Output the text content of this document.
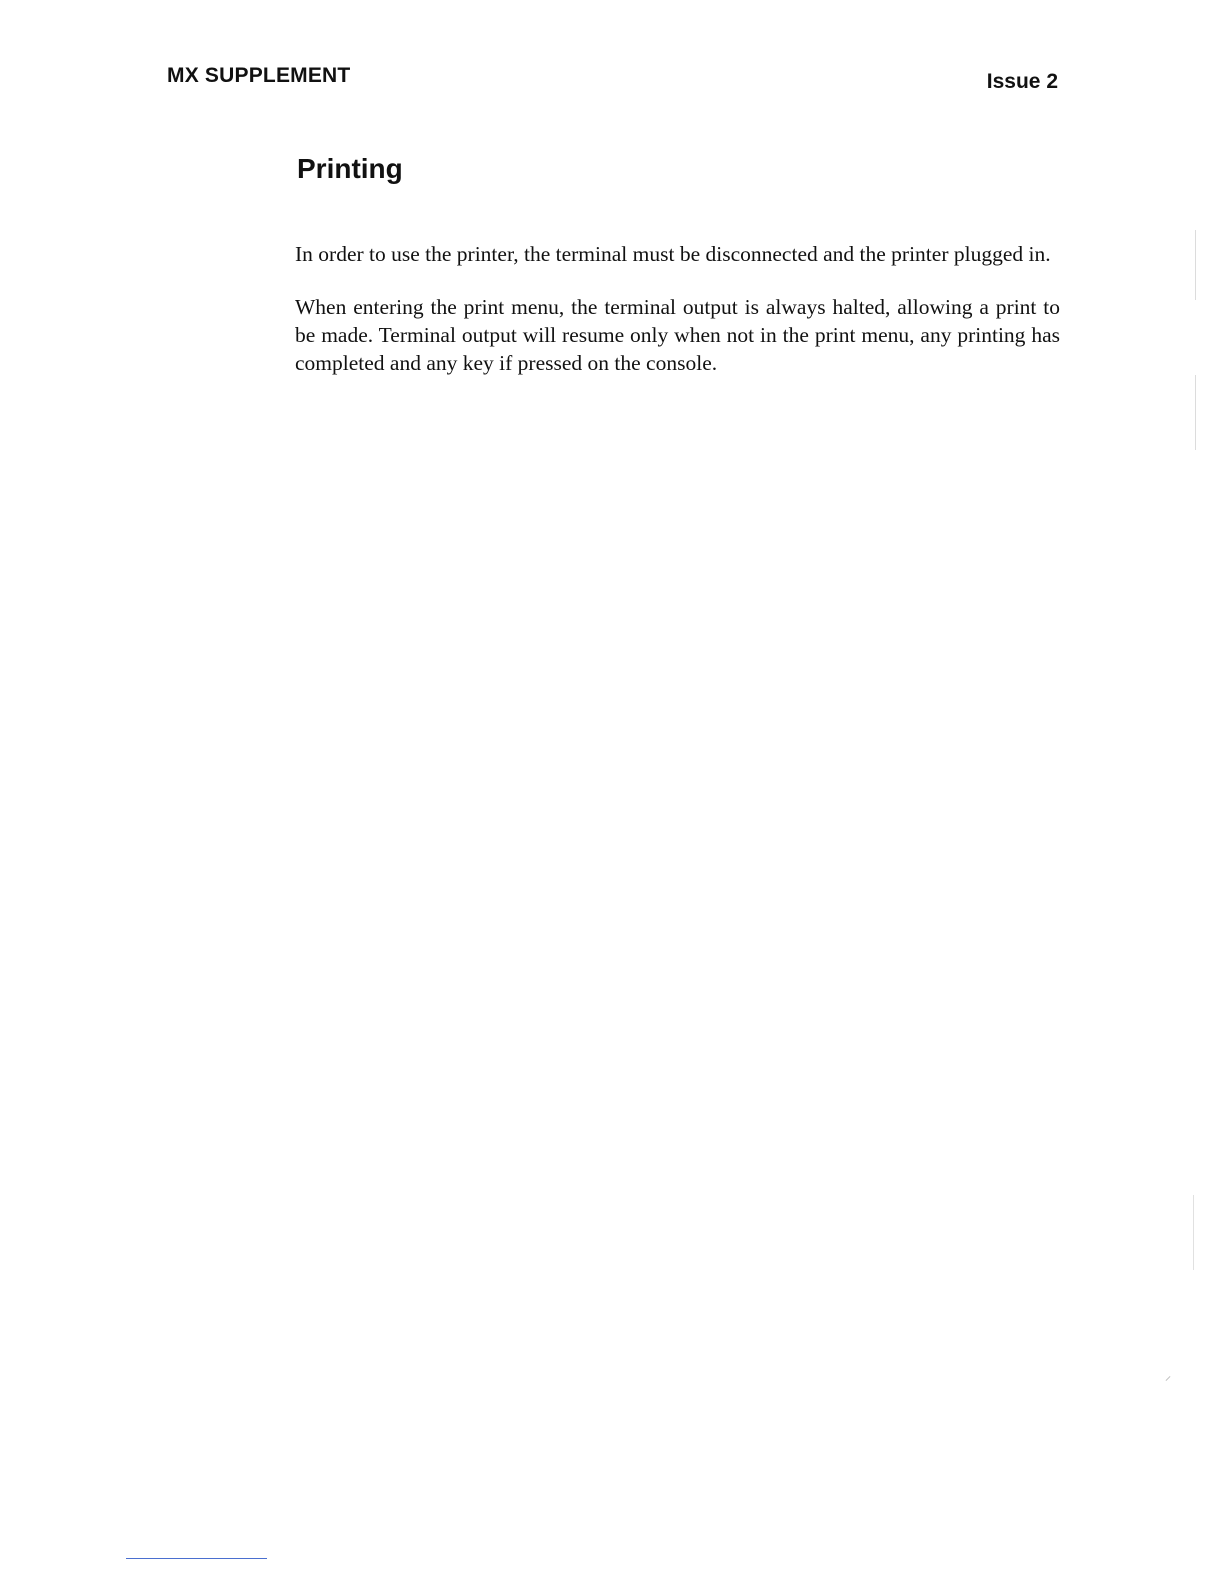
MX SUPPLEMENT	Issue 2
Printing

In order to use the printer, the terminal must be disconnected and the printer plugged in.

When entering the print menu, the terminal output is always halted, allowing a print to be made. Terminal output will resume only when not in the print menu, any printing has completed and any key if pressed on the console.
